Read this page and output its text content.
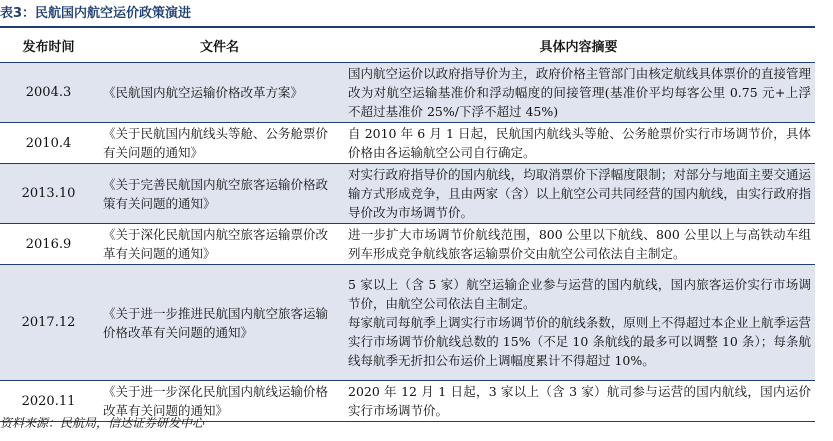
表3：民航国内航空运价政策演进
发布时间	文件名	具体内容摘要
2004.3	《民航国内航空运输价格改革方案》	国内航空运价以政府指导价为主，政府价格主管部门由核定航线具体票价的直接管理改为对航空运输基准价和浮动幅度的间接管理(基准价平均每客公里 0.75 元+上浮不超过基准价 25%/下浮不超过 45%)
2010.4	《关于民航国内航线头等舱、公务舱票价有关问题的通知》	自 2010 年 6 月 1 日起，民航国内航线头等舱、公务舱票价实行市场调节价，具体价格由各运输航空公司自行确定。
2013.10	《关于完善民航国内航空旅客运输价格政策有关问题的通知》	对实行政府指导价的国内航线，均取消票价下浮幅度限制；对部分与地面主要交通运输方式形成竞争，且由两家（含）以上航空公司共同经营的国内航线，由实行政府指导价改为市场调节价。
2016.9	《关于深化民航国内航空旅客运输票价改革有关问题的通知》	进一步扩大市场调节价航线范围，800 公里以下航线、800 公里以上与高铁动车组列车形成竞争航线旅客运输票价交由航空公司依法自主制定。
2017.12	《关于进一步推进民航国内航空旅客运输价格改革有关问题的通知》	5 家以上（含 5 家）航空运输企业参与运营的国内航线，国内旅客运价实行市场调节价，由航空公司依法自主制定。
每家航司每航季上调实行市场调节价的航线条数，原则上不得超过本企业上航季运营实行市场调节价航线总数的 15%（不足 10 条航线的最多可以调整 10 条）；每条航线每航季无折扣公布运价上调幅度累计不得超过 10%。

2020.11	《关于进一步深化民航国内航线运输价格改革有关问题的通知》	2020 年 12 月 1 日起，3 家以上（含 3 家）航司参与运营的国内航线，国内运价实行市场调节价。
资料来源：民航局，信达证券研发中心
